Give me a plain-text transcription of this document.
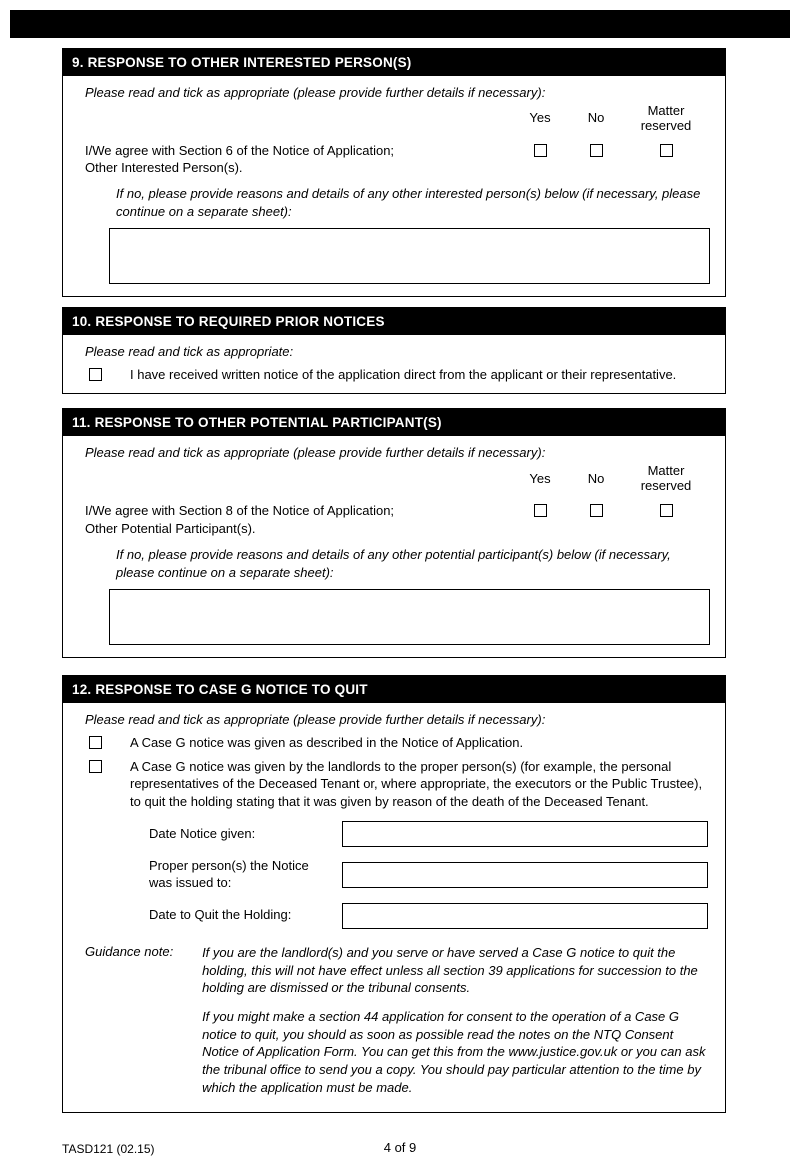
9. RESPONSE TO OTHER INTERESTED PERSON(S)

Please read and tick as appropriate (please provide further details if necessary):

Yes	No	Matter reserved
I/We agree with Section 6 of the Notice of Application; Other Interested Person(s).

If no, please provide reasons and details of any other interested person(s) below (if necessary, please continue on a separate sheet):

10. RESPONSE TO REQUIRED PRIOR NOTICES

Please read and tick as appropriate:

I have received written notice of the application direct from the applicant or their representative.
11. RESPONSE TO OTHER POTENTIAL PARTICIPANT(S)

Please read and tick as appropriate (please provide further details if necessary):

Yes	No	Matter reserved
I/We agree with Section 8 of the Notice of Application; Other Potential Participant(s).

If no, please provide reasons and details of any other potential participant(s) below (if necessary, please continue on a separate sheet):

12. RESPONSE TO CASE G NOTICE TO QUIT

Please read and tick as appropriate (please provide further details if necessary):

A Case G notice was given as described in the Notice of Application.
A Case G notice was given by the landlords to the proper person(s) (for example, the personal representatives of the Deceased Tenant or, where appropriate, the executors or the Public Trustee), to quit the holding stating that it was given by reason of the death of the Deceased Tenant.
Date Notice given:
Proper person(s) the Notice was issued to:
Date to Quit the Holding:
Guidance note:	If you are the landlord(s) and you serve or have served a Case G notice to quit the holding, this will not have effect unless all section 39 applications for succession to the holding are dismissed or the tribunal consents.

If you might make a section 44 application for consent to the operation of a Case G notice to quit, you should as soon as possible read the notes on the NTQ Consent Notice of Application Form. You can get this from the www.justice.gov.uk or you can ask the tribunal office to send you a copy. You should pay particular attention to the time by which the application must be made.

TASD121 (02.15)	4 of 9
